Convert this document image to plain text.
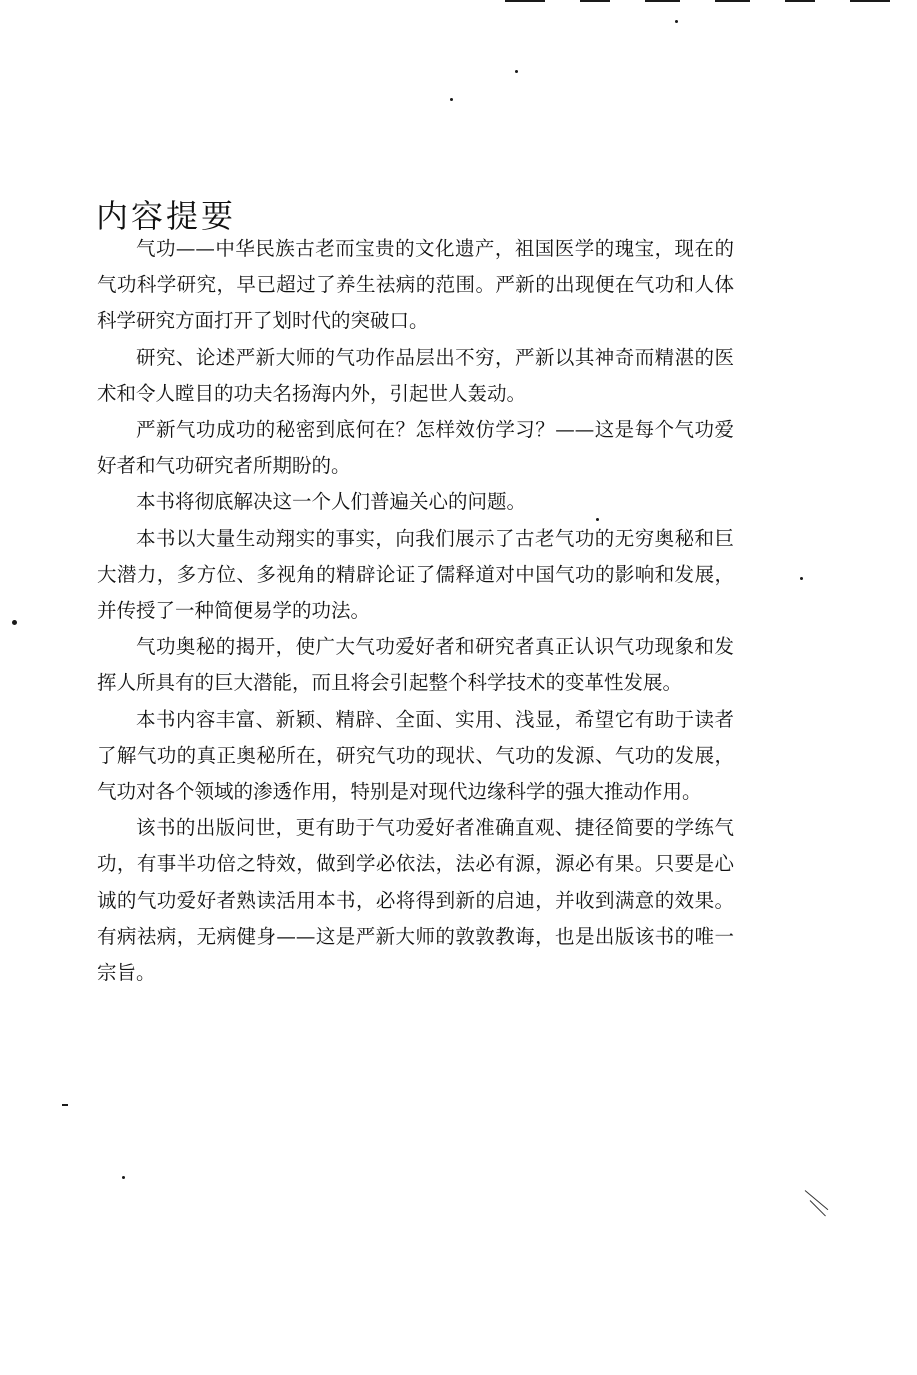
内容提要

气功——中华民族古老而宝贵的文化遗产，祖国医学的瑰宝，现在的气功科学研究，早已超过了养生祛病的范围。严新的出现便在气功和人体科学研究方面打开了划时代的突破口。

研究、论述严新大师的气功作品层出不穷，严新以其神奇而精湛的医术和令人瞠目的功夫名扬海内外，引起世人轰动。

严新气功成功的秘密到底何在？怎样效仿学习？——这是每个气功爱好者和气功研究者所期盼的。

本书将彻底解决这一个人们普遍关心的问题。

本书以大量生动翔实的事实，向我们展示了古老气功的无穷奥秘和巨大潜力，多方位、多视角的精辟论证了儒释道对中国气功的影响和发展，并传授了一种简便易学的功法。

气功奥秘的揭开，使广大气功爱好者和研究者真正认识气功现象和发挥人所具有的巨大潜能，而且将会引起整个科学技术的变革性发展。

本书内容丰富、新颖、精辟、全面、实用、浅显，希望它有助于读者了解气功的真正奥秘所在，研究气功的现状、气功的发源、气功的发展，气功对各个领域的渗透作用，特别是对现代边缘科学的强大推动作用。

该书的出版问世，更有助于气功爱好者准确直观、捷径简要的学练气功，有事半功倍之特效，做到学必依法，法必有源，源必有果。只要是心诚的气功爱好者熟读活用本书，必将得到新的启迪，并收到满意的效果。有病祛病，无病健身——这是严新大师的敦敦教诲，也是出版该书的唯一宗旨。
